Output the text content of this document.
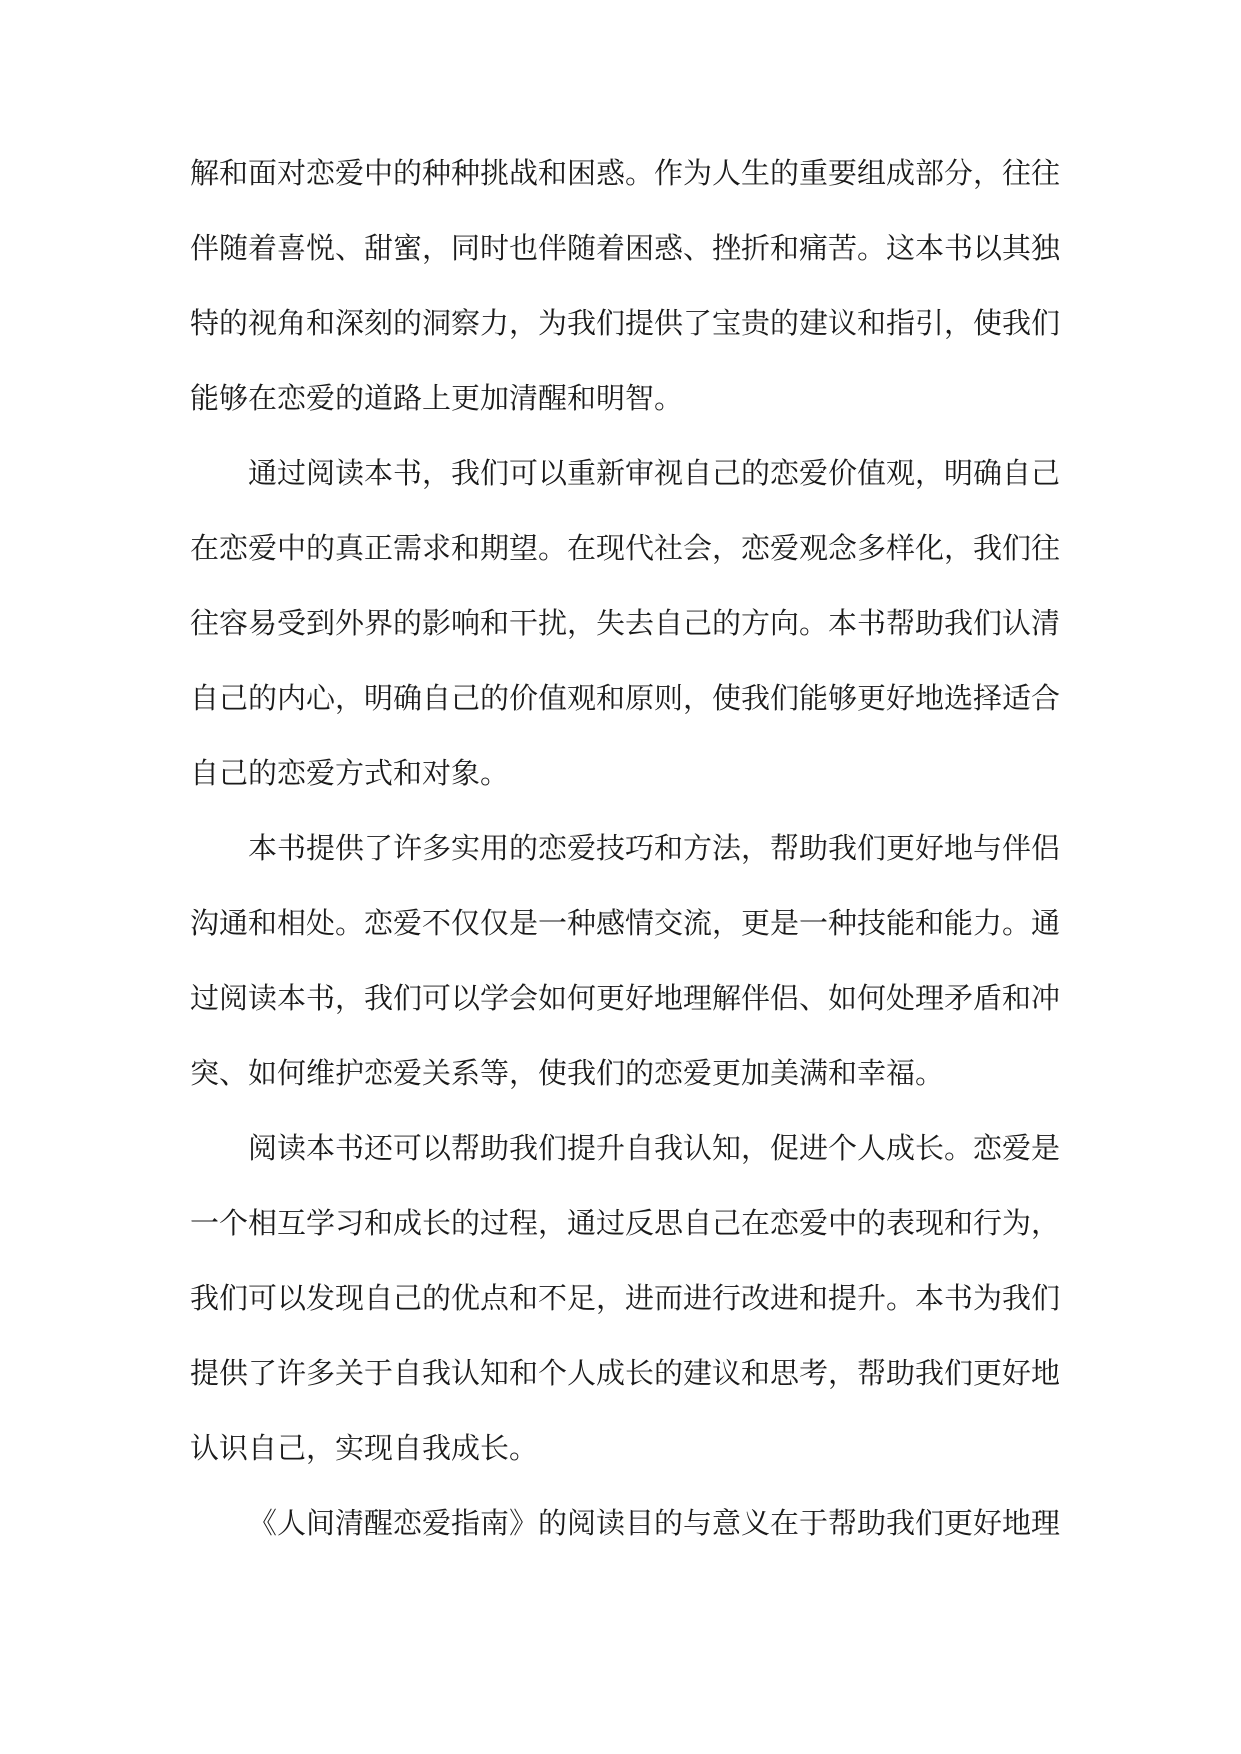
解和面对恋爱中的种种挑战和困惑。作为人生的重要组成部分，往往
伴随着喜悦、甜蜜，同时也伴随着困惑、挫折和痛苦。这本书以其独
特的视角和深刻的洞察力，为我们提供了宝贵的建议和指引，使我们
能够在恋爱的道路上更加清醒和明智。
通过阅读本书，我们可以重新审视自己的恋爱价值观，明确自己
在恋爱中的真正需求和期望。在现代社会，恋爱观念多样化，我们往
往容易受到外界的影响和干扰，失去自己的方向。本书帮助我们认清
自己的内心，明确自己的价值观和原则，使我们能够更好地选择适合
自己的恋爱方式和对象。
本书提供了许多实用的恋爱技巧和方法，帮助我们更好地与伴侣
沟通和相处。恋爱不仅仅是一种感情交流，更是一种技能和能力。通
过阅读本书，我们可以学会如何更好地理解伴侣、如何处理矛盾和冲
突、如何维护恋爱关系等，使我们的恋爱更加美满和幸福。
阅读本书还可以帮助我们提升自我认知，促进个人成长。恋爱是
一个相互学习和成长的过程，通过反思自己在恋爱中的表现和行为，
我们可以发现自己的优点和不足，进而进行改进和提升。本书为我们
提供了许多关于自我认知和个人成长的建议和思考，帮助我们更好地
认识自己，实现自我成长。
《人间清醒恋爱指南》的阅读目的与意义在于帮助我们更好地理
